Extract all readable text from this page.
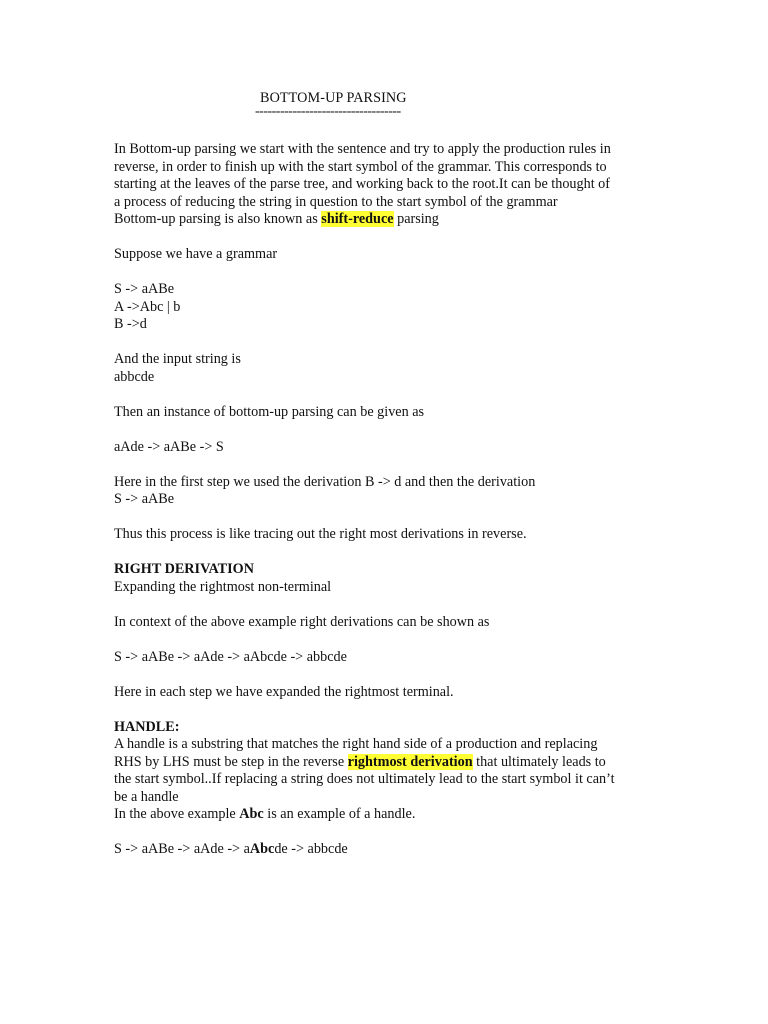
BOTTOM-UP PARSING
-----------------------------------
In Bottom-up parsing we start with the sentence and try to apply the production rules in
reverse, in order to finish up with the start symbol of the grammar. This corresponds to
starting at the leaves of the parse tree, and working back to the root.It can be thought of
a process of reducing the string in question to the start symbol of the grammar
Bottom-up parsing is also known as shift-reduce parsing

Suppose we have a grammar

S -> aABe
A ->Abc | b
B ->d
And the input string is
abbcde

Then an instance of bottom-up parsing can be given as

aAde -> aABe -> S

Here in the first step we used the derivation B -> d and then the derivation
S -> aABe

Thus this process is like tracing out the right most derivations in reverse.

RIGHT DERIVATION
Expanding the rightmost non-terminal

In context of the above example right derivations can be shown as

S -> aABe -> aAde -> aAbcde -> abbcde

Here in each step we have expanded the rightmost terminal.

HANDLE:
A handle is a substring that matches the right hand side of a production and replacing
RHS by LHS must be step in the reverse rightmost derivation that ultimately leads to
the start symbol..If replacing a string does not ultimately lead to the start symbol it can’t
be a handle
In the above example Abc is an example of a handle.
S -> aABe -> aAde -> aAbcde -> abbcde
